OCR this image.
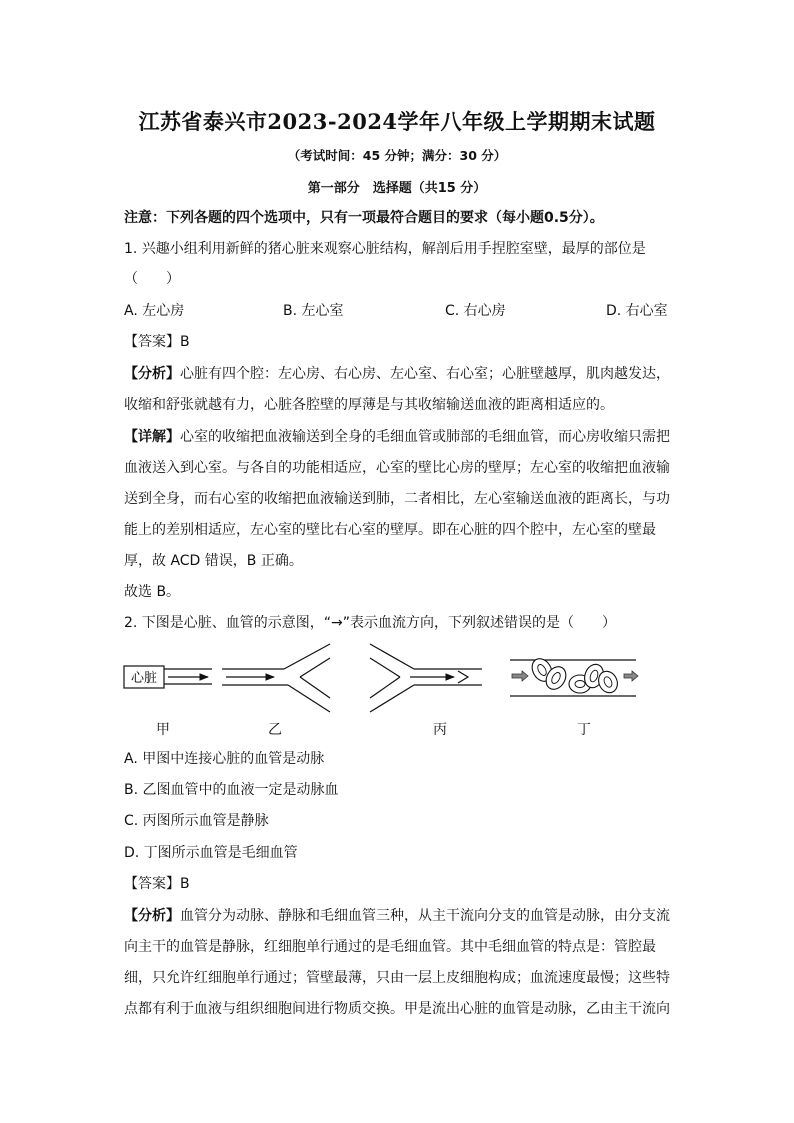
江苏省泰兴市2023-2024学年八年级上学期期末试题
（考试时间：45 分钟；满分：30 分）
第一部分　选择题（共15 分）
注意：下列各题的四个选项中，只有一项最符合题目的要求（每小题0.5分）。
1. 兴趣小组利用新鲜的猪心脏来观察心脏结构，解剖后用手捏腔室壁，最厚的部位是
（　　）
A. 左心房	B. 左心室	C. 右心房	D. 右心室
【答案】B
【分析】心脏有四个腔：左心房、右心房、左心室、右心室；心脏壁越厚，肌肉越发达，
收缩和舒张就越有力，心脏各腔壁的厚薄是与其收缩输送血液的距离相适应的。
【详解】心室的收缩把血液输送到全身的毛细血管或肺部的毛细血管，而心房收缩只需把
血液送入到心室。与各自的功能相适应，心室的壁比心房的壁厚；左心室的收缩把血液输
送到全身，而右心室的收缩把血液输送到肺，二者相比，左心室输送血液的距离长，与功
能上的差别相适应，左心室的壁比右心室的壁厚。即在心脏的四个腔中，左心室的壁最
厚，故 ACD 错误，B 正确。
故选 B。
2. 下图是心脏、血管的示意图，“→”表示血流方向，下列叙述错误的是（　　）
心脏
甲	乙	丙	丁
A. 甲图中连接心脏的血管是动脉
B. 乙图血管中的血液一定是动脉血
C. 丙图所示血管是静脉
D. 丁图所示血管是毛细血管
【答案】B
【分析】血管分为动脉、静脉和毛细血管三种，从主干流向分支的血管是动脉，由分支流
向主干的血管是静脉，红细胞单行通过的是毛细血管。其中毛细血管的特点是：管腔最
细，只允许红细胞单行通过；管壁最薄，只由一层上皮细胞构成；血流速度最慢；这些特
点都有利于血液与组织细胞间进行物质交换。甲是流出心脏的血管是动脉，乙由主干流向
